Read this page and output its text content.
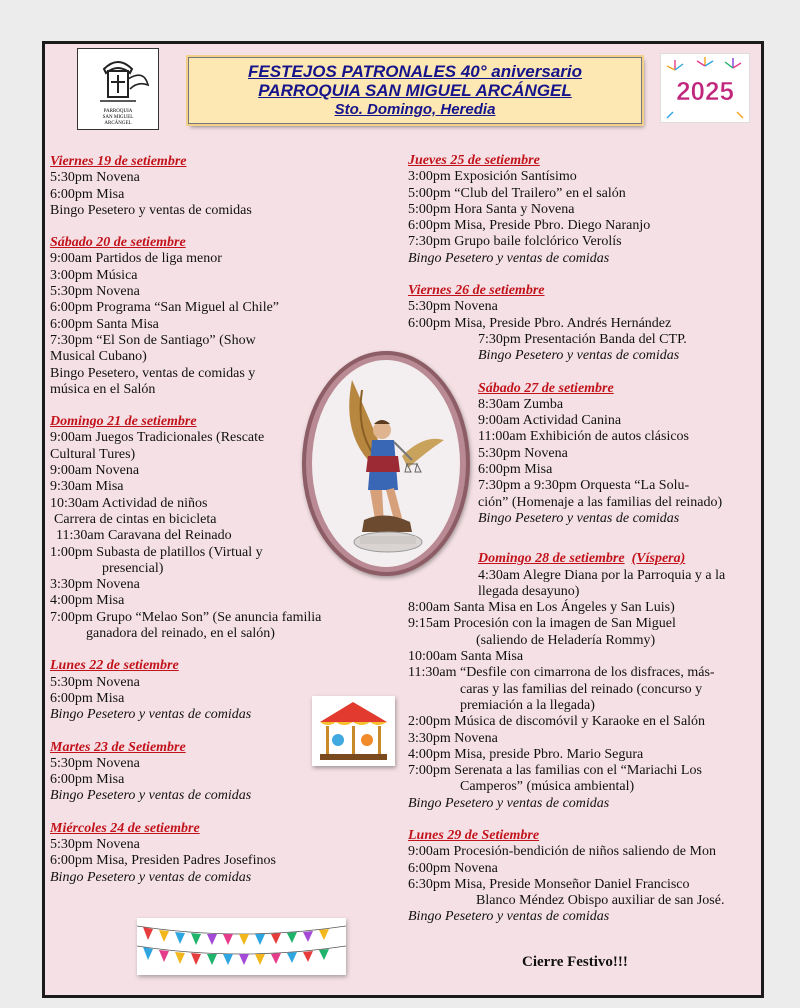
PARROQUIA
SAN MIGUEL
ARCÁNGEL
FESTEJOS PATRONALES 40° aniversario
PARROQUIA SAN MIGUEL ARCÁNGEL
Sto. Domingo, Heredia
2025
Viernes 19 de setiembre
5:30pm Novena
6:00pm Misa
Bingo Pesetero y ventas de comidas
Sábado 20 de setiembre
9:00am Partidos de liga menor
3:00pm Música
5:30pm Novena
6:00pm Programa “San Miguel al Chile”
6:00pm Santa Misa
7:30pm “El Son de Santiago” (Show
Musical Cubano)
Bingo Pesetero, ventas de comidas y
música en el Salón
Domingo 21 de setiembre
9:00am Juegos Tradicionales (Rescate
Cultural Tures)
9:00am Novena
9:30am Misa
10:30am Actividad de niños
Carrera de cintas en bicicleta
11:30am Caravana del Reinado
1:00pm Subasta de platillos (Virtual y
presencial)
3:30pm Novena
4:00pm Misa
7:00pm Grupo “Melao Son” (Se anuncia familia
ganadora del reinado, en el salón)
Lunes 22 de setiembre
5:30pm Novena
6:00pm Misa
Bingo Pesetero y ventas de comidas
Martes 23 de Setiembre
5:30pm Novena
6:00pm Misa
Bingo Pesetero y ventas de comidas
Miércoles 24 de setiembre
5:30pm Novena
6:00pm Misa, Presiden Padres Josefinos
Bingo Pesetero y ventas de comidas
Jueves 25 de setiembre
3:00pm Exposición Santísimo
5:00pm “Club del Trailero” en el salón
5:00pm Hora Santa y Novena
6:00pm Misa, Preside Pbro. Diego Naranjo
7:30pm Grupo baile folclórico Verolís
Bingo Pesetero y ventas de comidas
Viernes 26 de setiembre
5:30pm Novena
6:00pm Misa, Preside Pbro. Andrés Hernández
7:30pm Presentación Banda del CTP.
Bingo Pesetero y ventas de comidas
Sábado 27 de setiembre
8:30am Zumba
9:00am Actividad Canina
11:00am Exhibición de autos clásicos
5:30pm Novena
6:00pm Misa
7:30pm a 9:30pm Orquesta “La Solu-
ción” (Homenaje a las familias del reinado)
Bingo Pesetero y ventas de comidas
Domingo 28 de setiembre (Víspera)
4:30am Alegre Diana por la Parroquia y a la
llegada desayuno)
8:00am Santa Misa en Los Ángeles y San Luis)
9:15am Procesión con la imagen de San Miguel
(saliendo de Heladería Rommy)
10:00am Santa Misa
11:30am “Desfile con cimarrona de los disfraces, más-
caras y las familias del reinado (concurso y
premiación a la llegada)
2:00pm Música de discomóvil y Karaoke en el Salón
3:30pm Novena
4:00pm Misa, preside Pbro. Mario Segura
7:00pm Serenata a las familias con el “Mariachi Los
Camperos” (música ambiental)
Bingo Pesetero y ventas de comidas
Lunes 29 de Setiembre
9:00am Procesión-bendición de niños saliendo de Mon
6:00pm Novena
6:30pm Misa, Preside Monseñor Daniel Francisco
Blanco Méndez Obispo auxiliar de san José.
Bingo Pesetero y ventas de comidas
Cierre Festivo!!!
